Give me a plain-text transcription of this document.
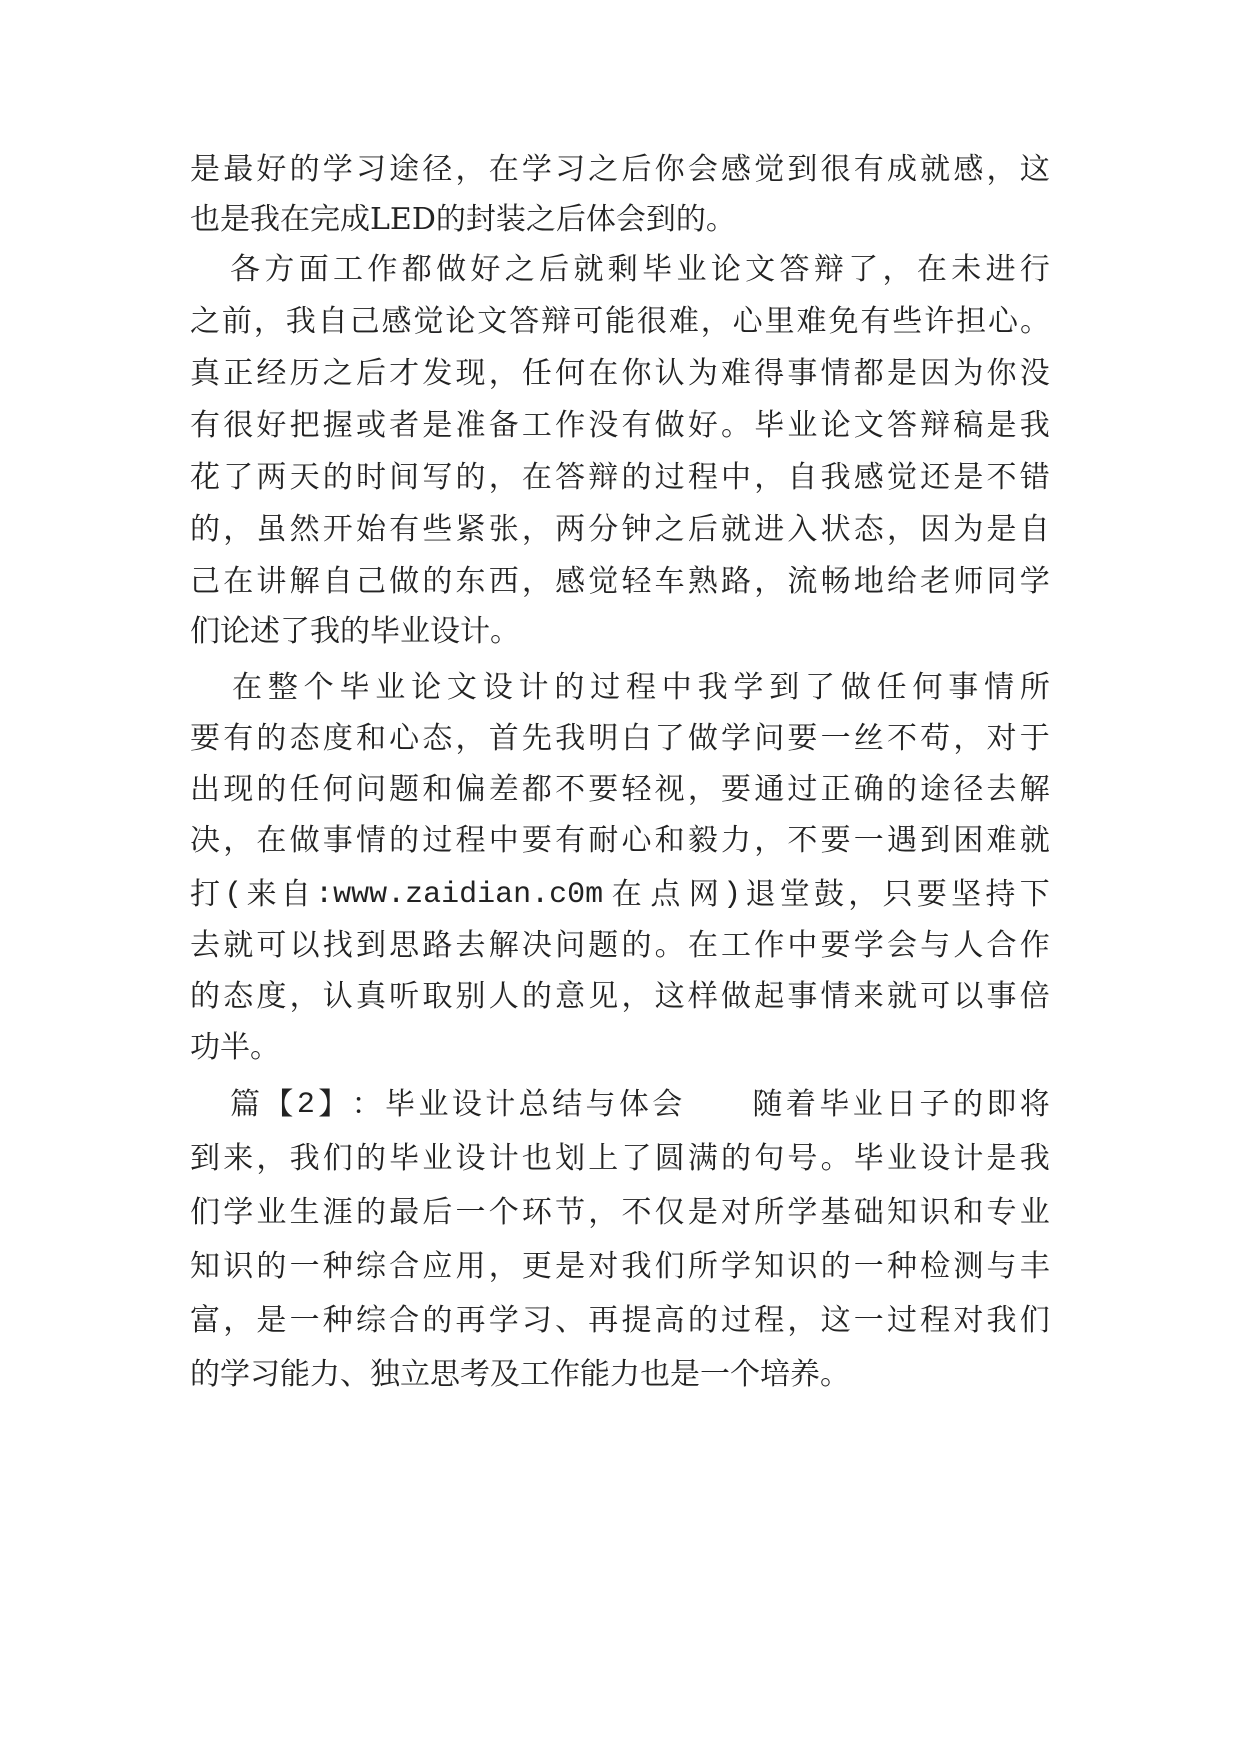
是 最 好 的 学 习 途 径 ， 在 学 习 之 后 你 会 感 觉 到 很 有 成 就 感 ， 这
也是我在完成LED的封装之后体会到的。
各 方 面 工 作 都 做 好 之 后 就 剩 毕 业 论 文 答 辩 了 ， 在 未 进 行
之 前 ， 我 自 己 感 觉 论 文 答 辩 可 能 很 难 ， 心 里 难 免 有 些 许 担 心 。
真 正 经 历 之 后 才 发 现 ， 任 何 在 你 认 为 难 得 事 情 都 是 因 为 你 没
有 很 好 把 握 或 者 是 准 备 工 作 没 有 做 好 。 毕 业 论 文 答 辩 稿 是 我
花 了 两 天 的 时 间 写 的 ， 在 答 辩 的 过 程 中 ， 自 我 感 觉 还 是 不 错
的 ， 虽 然 开 始 有 些 紧 张 ， 两 分 钟 之 后 就 进 入 状 态 ， 因 为 是 自
己 在 讲 解 自 己 做 的 东 西 ， 感 觉 轻 车 熟 路 ， 流 畅 地 给 老 师 同 学
们论述了我的毕业设计。
在 整 个 毕 业 论 文 设 计 的 过 程 中 我 学 到 了 做 任 何 事 情 所
要 有 的 态 度 和 心 态 ， 首 先 我 明 白 了 做 学 问 要 一 丝 不 苟 ， 对 于
出 现 的 任 何 问 题 和 偏 差 都 不 要 轻 视 ， 要 通 过 正 确 的 途 径 去 解
决 ， 在 做 事 情 的 过 程 中 要 有 耐 心 和 毅 力 ， 不 要 一 遇 到 困 难 就
打 ( 来 自 :www.zaidian.c0m 在 点 网 ) 退 堂 鼓 ， 只 要 坚 持 下
去 就 可 以 找 到 思 路 去 解 决 问 题 的 。 在 工 作 中 要 学 会 与 人 合 作
的 态 度 ， 认 真 听 取 别 人 的 意 见 ， 这 样 做 起 事 情 来 就 可 以 事 倍
功半。
篇 【 2 】 ： 毕 业 设 计 总 结 与 体 会

　 随 着 毕 业 日 子 的 即 将
到 来 ， 我 们 的 毕 业 设 计 也 划 上 了 圆 满 的 句 号 。 毕 业 设 计 是 我
们 学 业 生 涯 的 最 后 一 个 环 节 ， 不 仅 是 对 所 学 基 础 知 识 和 专 业
知 识 的 一 种 综 合 应 用 ， 更 是 对 我 们 所 学 知 识 的 一 种 检 测 与 丰
富 ， 是 一 种 综 合 的 再 学 习 、 再 提 高 的 过 程 ， 这 一 过 程 对 我 们
的学习能力、独立思考及工作能力也是一个培养。
